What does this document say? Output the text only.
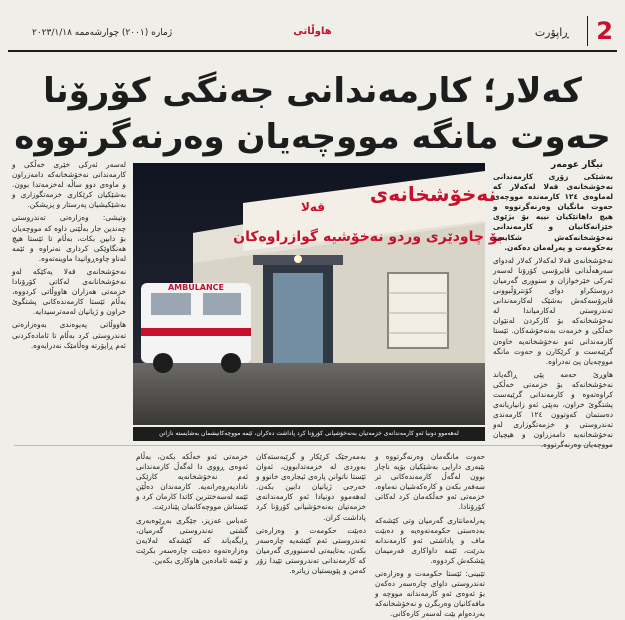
ژمارە (٢٠٠١) چوارشەممە ٢٠٢٣/١/١٨	هاوڵاتی	ڕاپۆرت	2
کەلار؛ کارمەندانی جەنگی کۆرۆنا
حەوت مانگە مووچەیان وەرنەگرتووە
نیگار عومەر
نەخۆشخانەی
قەلا
بۆ چاودێری وردو نەخۆشیە گوازراوەکان
AMBULANCE
لەهەموو دونیا ئەو کارمەندانەی خزمەتیان بەنەخۆشیانی کۆرۆنا کرد پاداشت دەکران، ئێمە مووچەکانیشمان بەشایستە نازانن

بەشێکی زۆری کارمەندانی نەخۆشخانەی قەلا لەکەلار کە لەماوەی ١٢٤ کارمەندە مووچەی حەوت مانگیان وەرنەگرتووە و هیچ داهاتێکیان نییە بۆ بژێوی خێزانەکانیان و کارمەندانی نەخۆشخانەکەش شکایەت بەحکومەت و پەرلەمان دەکەن.

نەخۆشخانەی قەلا لەکەلار کەلار لەدوای سەرهەڵدانی ڤایرۆسی کۆرۆنا لەسەر ئەرکی خێرخوازان و سنووری گەرمیان دروستکراو دوای کۆنترۆڵبوونی ڤایرۆسەکەش بەشێک لەکارمەندانی تەندروستی لەکارمیاندا لە نەخۆشخانەکە بۆ کارکردن لەنێوان خەڵکی و خزمەت بەنەخۆشەکان. ئێستا کارمەندانی ئەو نەخۆشخانەیە خاوەن گرێبەست و کرێکارن و حەوت مانگە مووچەیان پێ نەدراوە.

هاوڕێ حەمە پێی ڕاگەیاند نەخۆشخانەکە بۆ خزمەتی خەڵکی کراوەتەوە و کارمەندانی گرێبەست پشتگوێ خراون، بەپێی ئەو زانیاریانەی دەستمان کەوتوون ١٢٤ کارمەندی تەندروستی و خزمەتگوزاری لەو نەخۆشخانەیە دامەزراون و هیچیان مووچەیان وەرنەگرتووە.

حەوت مانگەمان وەرنەگرتووە و بێبەری دارایی بەشێکیان بۆیە ناچار بوون لەگەڵ کارمەندەکانی تر سەفەر بکەن و کارەکەشیان نەماوە، خزمەتی ئەو خەڵکەمان کرد لەکاتی کۆرۆنادا.

پەرلەمانتاری گەرمیان وتی کێشەکە بەدەستی حکومەتەوەیە و دەبێت ماف و پاداشتی ئەو کارمەندانە بدرێت، ئێمە داواکاری فەرمیمان پێشکەش کردووە.

تێبینی: ئێستا حکومەت و وەزارەتی تەندروستی داوای چارەسەر دەکەن بۆ ئەوەی ئەو کارمەندانە مووچە و مافەکانیان وەربگرن و نەخۆشخانەکە بەردەوام بێت لەسەر کارەکانی.

بەمەرجێک کرێکار و گرێبەستەکان بەوردی لە خزمەتدابوون، ئەوان ئێستا ناتوانن پارەی ئیجارەی خانوو و خەرجی ژیانیان دابین بکەن. لەهەموو دونیادا ئەو کارمەندانەی خزمەتیان بەنەخۆشیانی کۆرۆنا کرد پاداشت کران.

دەبێت حکومەت و وەزارەتی تەندروستی ئەم کێشەیە چارەسەر بکەن، بەتایبەتی لەسنووری گەرمیان کە کارمەندانی تەندروستی تێیدا زۆر کەمن و پێویستیان زیاترە.

خزمەتی ئەو خەڵکە بکەن، بەڵام ئەوەی ڕووی دا لەگەڵ کارمەندانی ئەم نەخۆشخانەیە کارێکی نادادپەروەرانەیە. کارمەندان دەڵێن ئێمە لەسەختترین کاتدا کارمان کرد و ئێستاش مووچەکانمان پێنادرێت.

عەباس عەزیز، جێگری بەڕێوەبەری گشتی تەندروستی گەرمیان، ڕایگەیاند کە کێشەکە لەلایەن وەزارەتەوە دەبێت چارەسەر بکرێت و ئێمە ئامادەین هاوکاری بکەین.

لەسەر ئەرکی خێری خەڵکی و کارمەندانی نەخۆشخانەکە دامەزراون و ماوەی دوو ساڵە لەخزمەتدا بوون. بەشێکیان کرێکاری خزمەتگوزاری و بەشێکیشیان پەرستار و پزیشکن.

وتیشی: وەزارەتی تەندروستی چەندین جار بەڵێنی داوە کە مووچەیان بۆ دابین بکات، بەڵام تا ئێستا هیچ هەنگاوێکی کرداری نەنراوە و ئێمە لەناو چاوەڕوانیدا ماوینەتەوە.

نەخۆشخانەی قەلا یەکێکە لەو نەخۆشخانانەی لەکاتی کۆرۆنادا خزمەتی هەزاران هاووڵاتی کردووە، بەڵام ئێستا کارمەندەکانی پشتگوێ خراون و ژیانیان لەمەترسیدایە.

هاووڵاتی پەیوەندی بەوەزارەتی تەندروستی کرد بەڵام تا ئامادەکردنی ئەم ڕاپۆرتە وەڵامێک نەدرایەوە.
